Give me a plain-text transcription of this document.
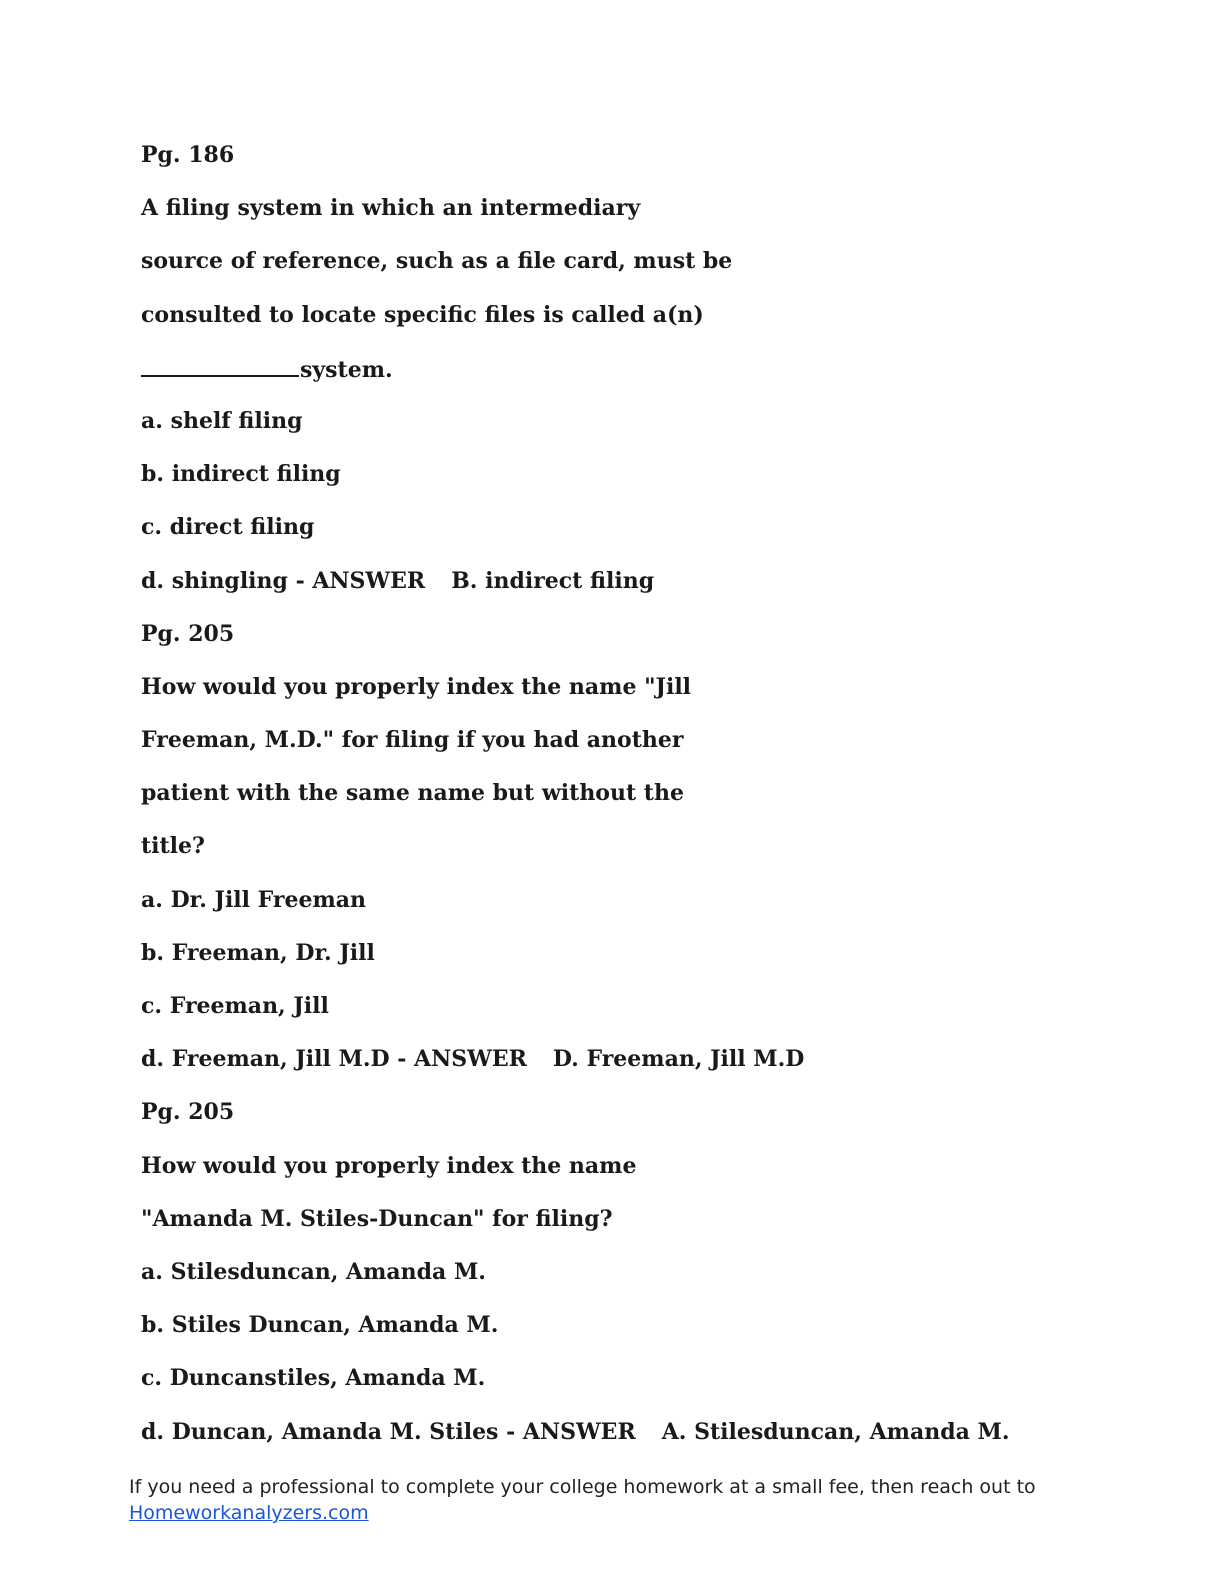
Pg. 186
A filing system in which an intermediary
source of reference, such as a file card, must be
consulted to locate specific files is called a(n)
system.
a. shelf filing
b. indirect filing
c. direct filing
d. shingling - ANSWER B. indirect filing
Pg. 205
How would you properly index the name "Jill
Freeman, M.D." for filing if you had another
patient with the same name but without the
title?
a. Dr. Jill Freeman
b. Freeman, Dr. Jill
c. Freeman, Jill
d. Freeman, Jill M.D - ANSWER D. Freeman, Jill M.D
Pg. 205
How would you properly index the name
"Amanda M. Stiles-Duncan" for filing?
a. Stilesduncan, Amanda M.
b. Stiles Duncan, Amanda M.
c. Duncanstiles, Amanda M.
d. Duncan, Amanda M. Stiles - ANSWER A. Stilesduncan, Amanda M.
If you need a professional to complete your college homework at a small fee, then reach out to
Homeworkanalyzers.com
